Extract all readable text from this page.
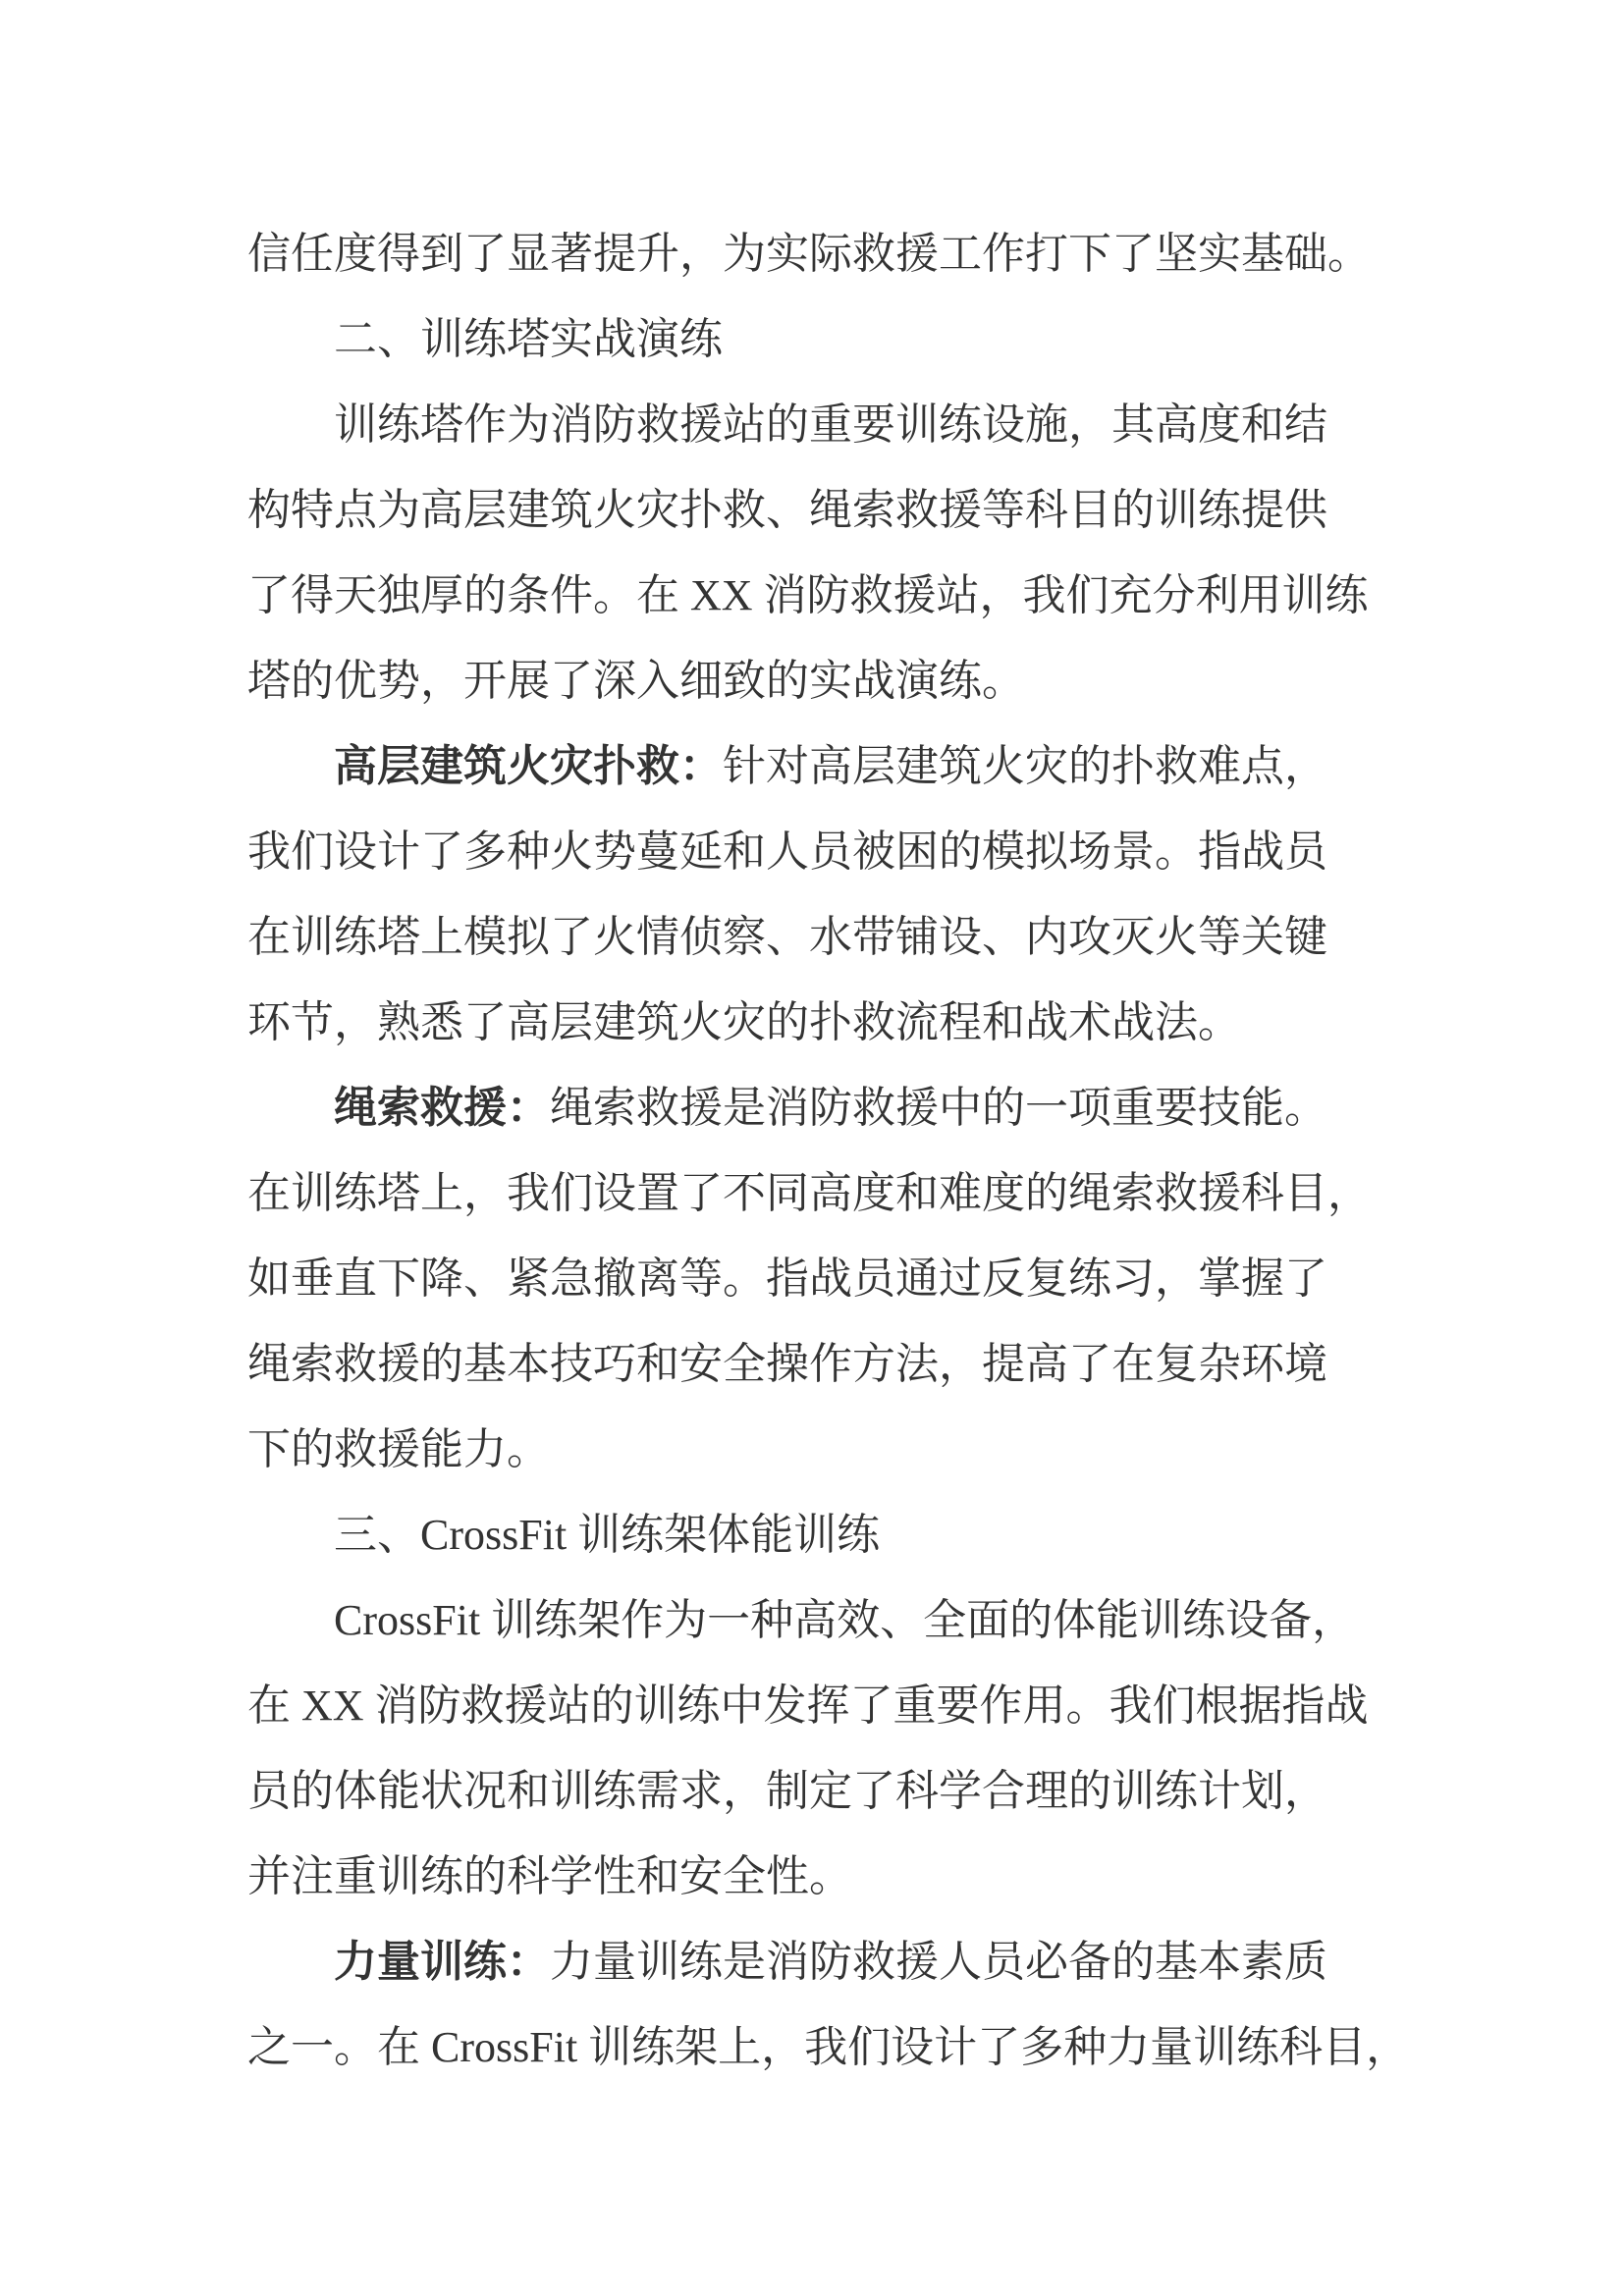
信任度得到了显著提升，为实际救援工作打下了坚实基础。
二、训练塔实战演练
训练塔作为消防救援站的重要训练设施，其高度和结
构特点为高层建筑火灾扑救、绳索救援等科目的训练提供
了得天独厚的条件。在 XX 消防救援站，我们充分利用训练
塔的优势，开展了深入细致的实战演练。
高层建筑火灾扑救：针对高层建筑火灾的扑救难点，
我们设计了多种火势蔓延和人员被困的模拟场景。指战员
在训练塔上模拟了火情侦察、水带铺设、内攻灭火等关键
环节，熟悉了高层建筑火灾的扑救流程和战术战法。
绳索救援：绳索救援是消防救援中的一项重要技能。
在训练塔上，我们设置了不同高度和难度的绳索救援科目，
如垂直下降、紧急撤离等。指战员通过反复练习，掌握了
绳索救援的基本技巧和安全操作方法，提高了在复杂环境
下的救援能力。
三、CrossFit 训练架体能训练
CrossFit 训练架作为一种高效、全面的体能训练设备，
在 XX 消防救援站的训练中发挥了重要作用。我们根据指战
员的体能状况和训练需求，制定了科学合理的训练计划，
并注重训练的科学性和安全性。
力量训练：力量训练是消防救援人员必备的基本素质
之一。在 CrossFit 训练架上，我们设计了多种力量训练科目，
